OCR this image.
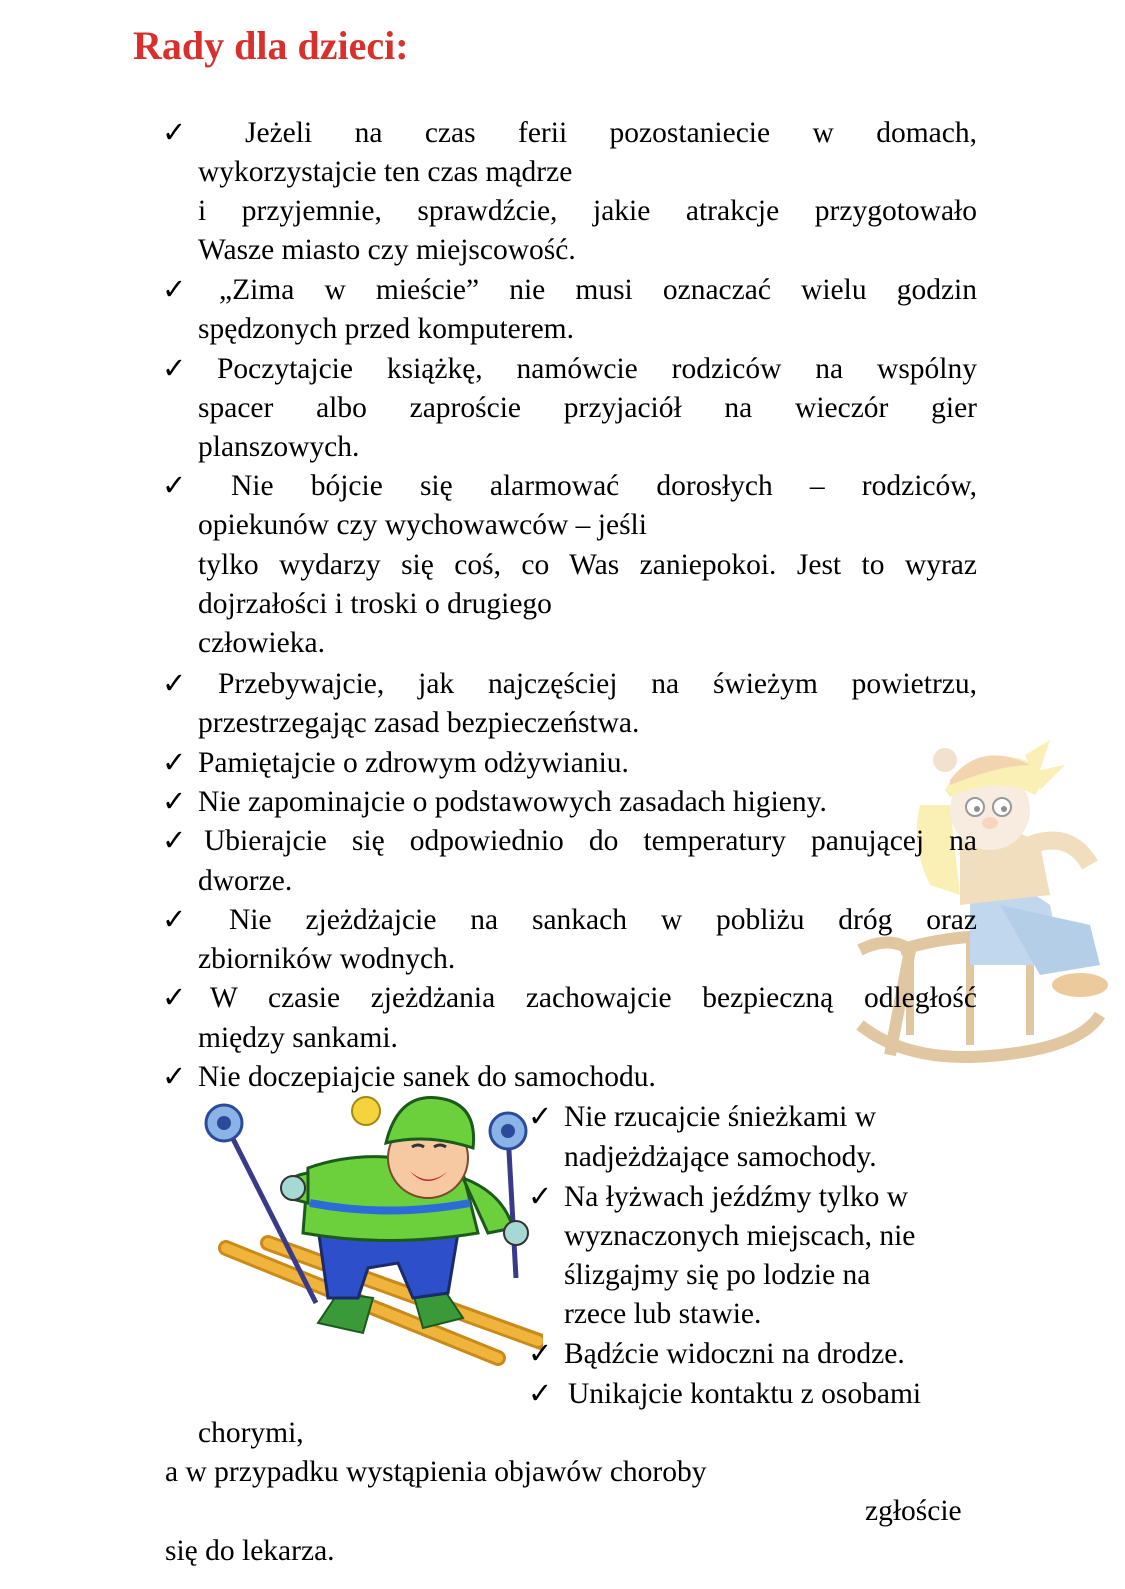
Rady dla dzieci:
✓
✓
✓
✓
✓
✓
✓
✓
✓
✓
✓
✓
✓
✓
✓
Jeżeli na czas ferii pozostaniecie w domach,
wykorzystajcie ten czas mądrze
i przyjemnie, sprawdźcie, jakie atrakcje przygotowało
Wasze miasto czy miejscowość.
„Zima w mieście” nie musi oznaczać wielu godzin
spędzonych przed komputerem.
Poczytajcie książkę, namówcie rodziców na wspólny
spacer albo zaproście przyjaciół na wieczór gier
planszowych.
Nie bójcie się alarmować dorosłych – rodziców,
opiekunów czy wychowawców – jeśli
tylko wydarzy się coś, co Was zaniepokoi. Jest to wyraz
dojrzałości i troski o drugiego
człowieka.
Przebywajcie, jak najczęściej na świeżym powietrzu,
przestrzegając zasad bezpieczeństwa.
Pamiętajcie o zdrowym odżywianiu.
Nie zapominajcie o podstawowych zasadach higieny.
Ubierajcie się odpowiednio do temperatury panującej na
dworze.
Nie zjeżdżajcie na sankach w pobliżu dróg oraz
zbiorników wodnych.
W czasie zjeżdżania zachowajcie bezpieczną odległość
między sankami.
Nie doczepiajcie sanek do samochodu.
Nie rzucajcie śnieżkami w
nadjeżdżające samochody.
Na łyżwach jeźdźmy tylko w
wyznaczonych miejscach, nie
ślizgajmy się po lodzie na
rzece lub stawie.
Bądźcie widoczni na drodze.
Unikajcie kontaktu z osobami
chorymi,
a w przypadku wystąpienia objawów choroby
zgłoście
się do lekarza.
